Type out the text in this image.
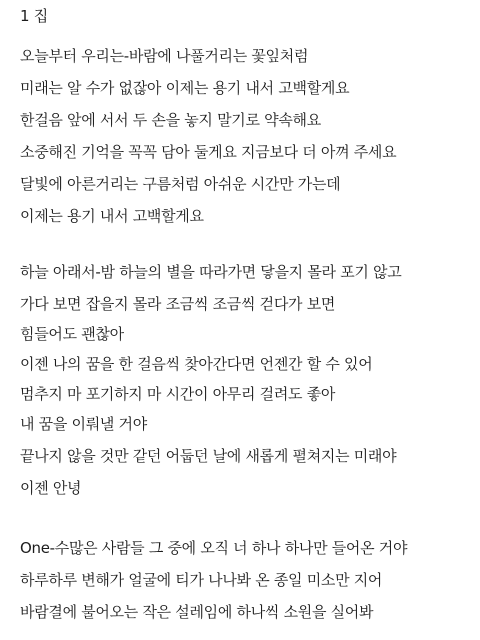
1 집
오늘부터 우리는-바람에 나풀거리는 꽃잎처럼
미래는 알 수가 없잖아 이제는 용기 내서 고백할게요
한걸음 앞에 서서 두 손을 놓지 말기로 약속해요
소중해진 기억을 꼭꼭 담아 둘게요 지금보다 더 아껴 주세요
달빛에 아른거리는 구름처럼 아쉬운 시간만 가는데
이제는 용기 내서 고백할게요
하늘 아래서-밤 하늘의 별을 따라가면 닿을지 몰라 포기 않고
가다 보면 잡을지 몰라 조금씩 조금씩 걷다가 보면
힘들어도 괜찮아
이젠 나의 꿈을 한 걸음씩 찾아간다면 언젠간 할 수 있어
멈추지 마 포기하지 마 시간이 아무리 걸려도 좋아
내 꿈을 이뤄낼 거야
끝나지 않을 것만 같던 어둡던 날에 새롭게 펼쳐지는 미래야
이젠 안녕
One-수많은 사람들 그 중에 오직 너 하나 하나만 들어온 거야
하루하루 변해가 얼굴에 티가 나나봐 온 종일 미소만 지어
바람결에 불어오는 작은 설레임에 하나씩 소원을 실어봐
